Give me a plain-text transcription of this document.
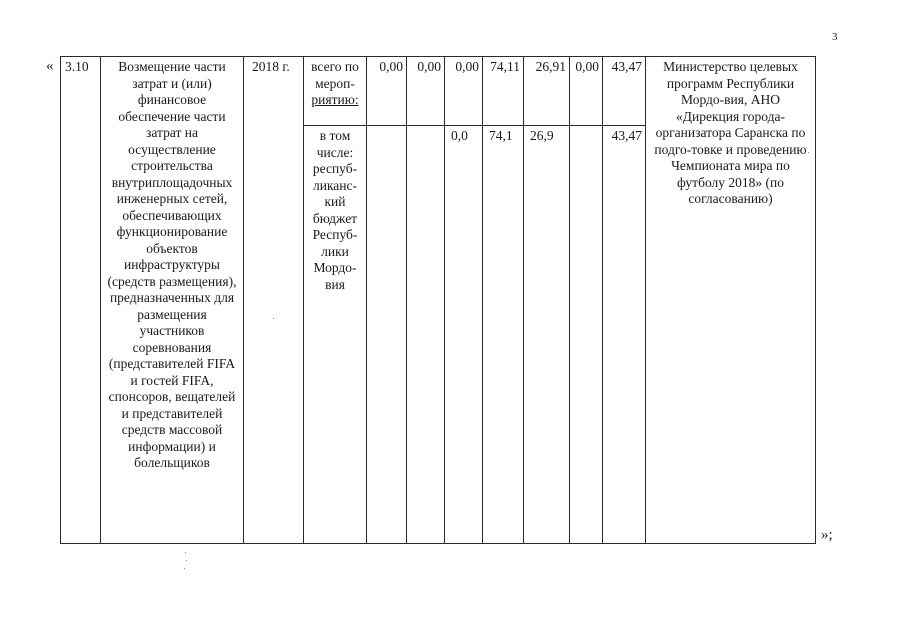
3
«
»;
3.10	Возмещение части затрат и (или) финансовое обеспечение части затрат на осуществление строительства внутриплощадочных инженерных сетей, обеспечивающих функционирование объектов инфраструктуры (средств размещения), предназначенных для размещения участников соревнования (представителей FIFA и гостей FIFA, спонсоров, вещателей и представителей средств массовой информации) и болельщиков	2018 г.	всего по мероп- риятию:	0,00	0,00	0,00	74,11	26,91	0,00	43,47	Министерство целевых программ Республики Мордо-вия, АНО «Дирекция города-организатора Саранска по подго-товке и проведению Чемпионата мира по футболу 2018» (по согласованию)
			в том числе: респуб-ликанс-кий бюджет Респуб-лики Мордо-вия			0,0	74,1	26,9		43,47	
